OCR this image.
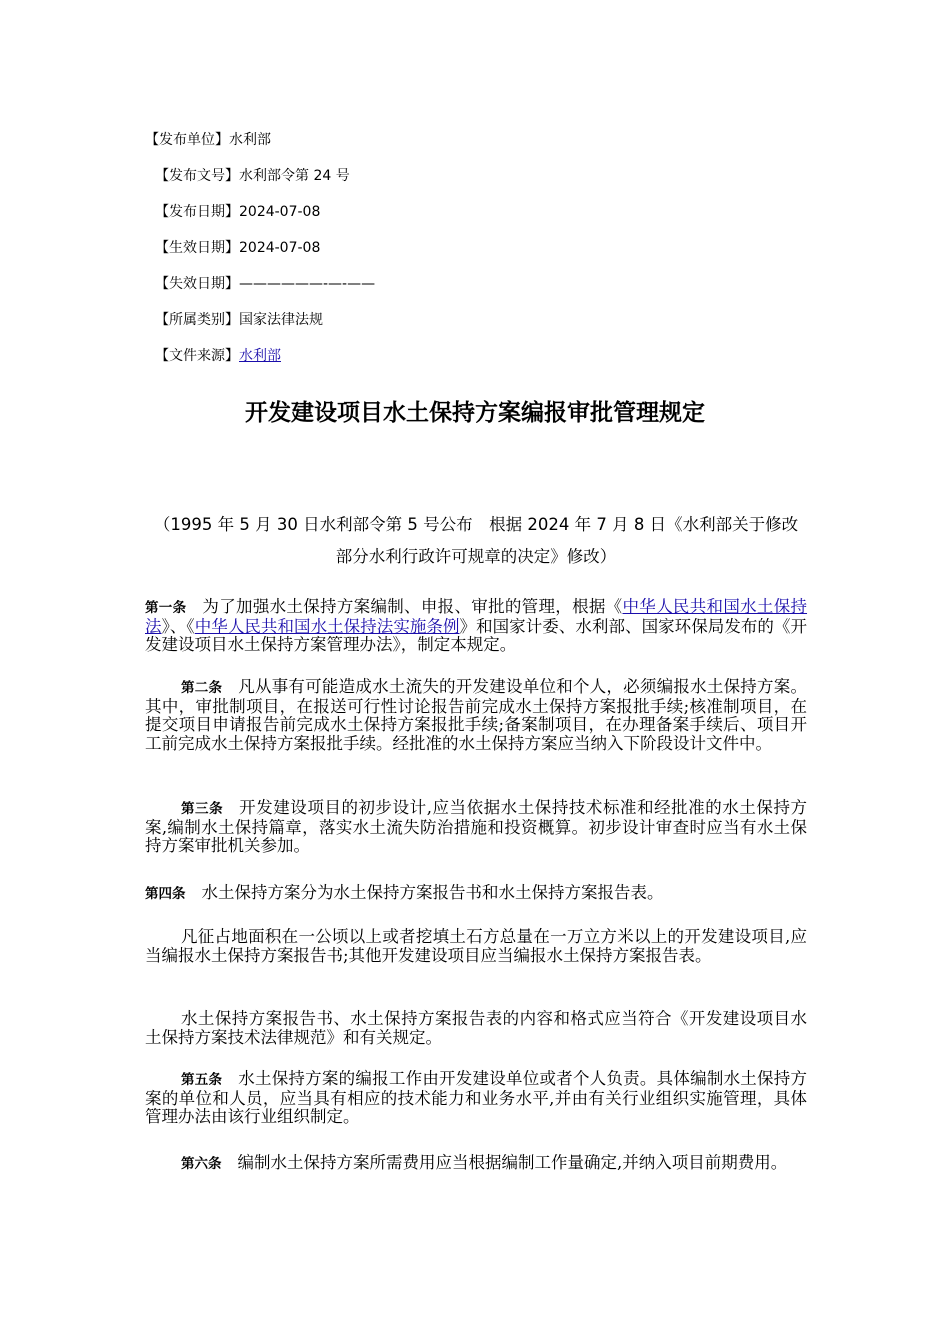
【发布单位】水利部
【发布文号】水利部令第 24 号
【发布日期】2024-07-08
【生效日期】2024-07-08
【失效日期】——————-—-——
【所属类别】国家法律法规
【文件来源】水利部
开发建设项目水土保持方案编报审批管理规定
（1995 年 5 月 30 日水利部令第 5 号公布　根据 2024 年 7 月 8 日《水利部关于修改部分水利行政许可规章的决定》修改）
第一条 为了加强水土保持方案编制、申报、审批的管理，根据《中华人民共和国水土保持法》、《中华人民共和国水土保持法实施条例》和国家计委、水利部、国家环保局发布的《开发建设项目水土保持方案管理办法》，制定本规定。
第二条 凡从事有可能造成水土流失的开发建设单位和个人，必须编报水土保持方案。其中，审批制项目，在报送可行性讨论报告前完成水土保持方案报批手续;核准制项目，在提交项目申请报告前完成水土保持方案报批手续;备案制项目，在办理备案手续后、项目开工前完成水土保持方案报批手续。经批准的水土保持方案应当纳入下阶段设计文件中。
第三条 开发建设项目的初步设计,应当依据水土保持技术标准和经批准的水土保持方案,编制水土保持篇章，落实水土流失防治措施和投资概算。初步设计审查时应当有水土保持方案审批机关参加。
第四条 水土保持方案分为水土保持方案报告书和水土保持方案报告表。
凡征占地面积在一公顷以上或者挖填土石方总量在一万立方米以上的开发建设项目,应当编报水土保持方案报告书;其他开发建设项目应当编报水土保持方案报告表。
水土保持方案报告书、水土保持方案报告表的内容和格式应当符合《开发建设项目水土保持方案技术法律规范》和有关规定。
第五条 水土保持方案的编报工作由开发建设单位或者个人负责。具体编制水土保持方案的单位和人员，应当具有相应的技术能力和业务水平,并由有关行业组织实施管理，具体管理办法由该行业组织制定。
第六条 编制水土保持方案所需费用应当根据编制工作量确定,并纳入项目前期费用。
